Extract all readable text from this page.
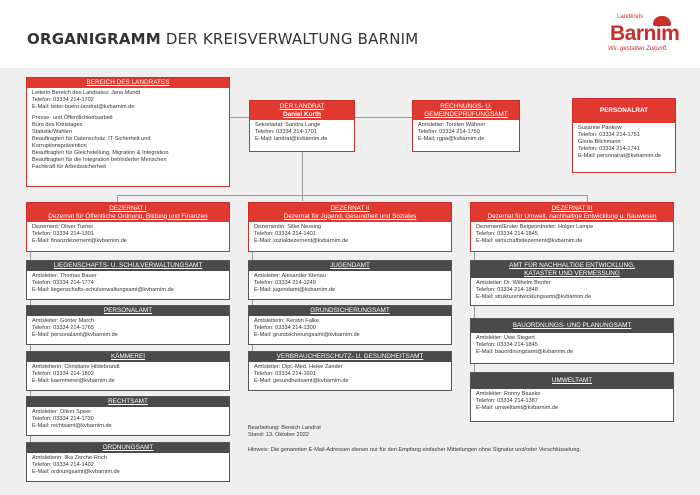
ORGANIGRAMM DER KREISVERWALTUNG BARNIM
Landkreis
Barnim
Wir. gestalten Zukunft.
BEREICH DES LANDRATES
Leiterin Bereich des Landrates: Jana Mundt
Telefon: 03334 214-1702
E-Mail: leiter-buero-landrat@kvbarnim.de
Presse- und Öffentlichkeitsarbeit
Büro des Kreistages
Statistik/Wahlen
Beauftragte/r für Datenschutz, IT-Sicherheit und
Korruptionsprävention
Beauftragte/r für Gleichstellung, Migration & Integration
Beauftragte/r für die Integration behinderter Menschen
Fachkraft für Arbeitssicherheit
DER LANDRAT
Daniel Kurth
Sekretariat: Sandra Lange
Telefon: 03334 214-1701
E-Mail: landrat@kvbarnim.de
RECHNUNGS- U.
GEMEINDEPRÜFUNGSAMT
Amtsleiter: Torsten Wähner
Telefon: 03334 214-1750
E-Mail: rgpa@kvbarnim.de
PERSONALRAT
Susanne Pankow
Telefon: 03334 214-1751
Gloria Blichmann
Telefon: 03334 214-1741
E-Mail: personalrat@kvbarnim.de
DEZERNAT I
Dezernat für Öffentliche Ordnung, Bildung und Finanzen
Dezernent: Oliver Turner
Telefon: 03334 214-1301
E-Mail: finanzdezernent@kvbarnim.de
DEZERNAT II
Dezernat für Jugend, Gesundheit und Soziales
Dezernentin: Silke Nessing
Telefon: 03334 214-1401
E-Mail: sozialdezernent@kvbarnim.de
DEZERNAT III
Dezernat für Umwelt, nachhaltige Entwicklung u. Bauwesen
Dezernent/Erster Beigeordneter: Holger Lampe
Telefon: 03334 214-1845
E-Mail: wirtschaftsdezernent@kvbarnim.de
LIEGENSCHAFTS- U. SCHULVERWALTUNGSAMT
Amtsleiter: Thomas Bauer
Telefon: 03334 214-1774
E-Mail: liegenschafts-schulverwaltungsamt@kvbarnim.de
PERSONALAMT
Amtsleiter: Günter March
Telefon: 03334 214-1765
E-Mail: personalamt@kvbarnim.de
KÄMMEREI
Amtsleiterin: Christiane Hildebrandt
Telefon: 03334 214-1802
E-Mail: kaemmerei@kvbarnim.de
RECHTSAMT
Amtsleiter: Oliver Speer
Telefon: 03334 214-1730
E-Mail: rechtsamt@kvbarnim.de
ORDNUNGSAMT
Amtsleiterin: Ilka Zerche-Roch
Telefon: 03334 214-1402
E-Mail: ordnungsamt@kvbarnim.de
JUGENDAMT
Amtsleiter: Alexander Klenau
Telefon: 03334 214-1249
E-Mail: jugendamt@kvbarnim.de
GRUNDSICHERUNGSAMT
Amtsleiterin: Kerstin Falke
Telefon: 03334 214-1300
E-Mail: grundsicherungsamt@kvbarnim.de
VERBRAUCHERSCHUTZ- U. GESUNDHEITSAMT
Amtsleiter: Dipl.-Med. Heike Zander
Telefon: 03334 214-1601
E-Mail: gesundheitsamt@kvbarnim.de
AMT FÜR NACHHALTIGE ENTWICKLUNG,
KATASTER UND VERMESSUNG
Amtsleiter: Dr. Wilhelm Benfer
Telefon: 03334 214-1848
E-Mail: strukturentwicklungsamt@kvbarnim.de
BAUORDNUNGS- UND PLANUNGSAMT
Amtsleiter: Uwe Stegert
Telefon: 03334 214-1845
E-Mail: bauordnungsamt@kvbarnim.de
UMWELTAMT
Amtsleiter: Ronny Baaske
Telefon: 03334 214-1387
E-Mail: umweltamt@kvbarnim.de
Bearbeitung: Bereich Landrat
Stand: 13. Oktober 2022
Hinweis: Die genannten E-Mail-Adressen dienen nur für den Empfang einfacher Mitteilungen ohne Signatur und/oder Verschlüsselung.
